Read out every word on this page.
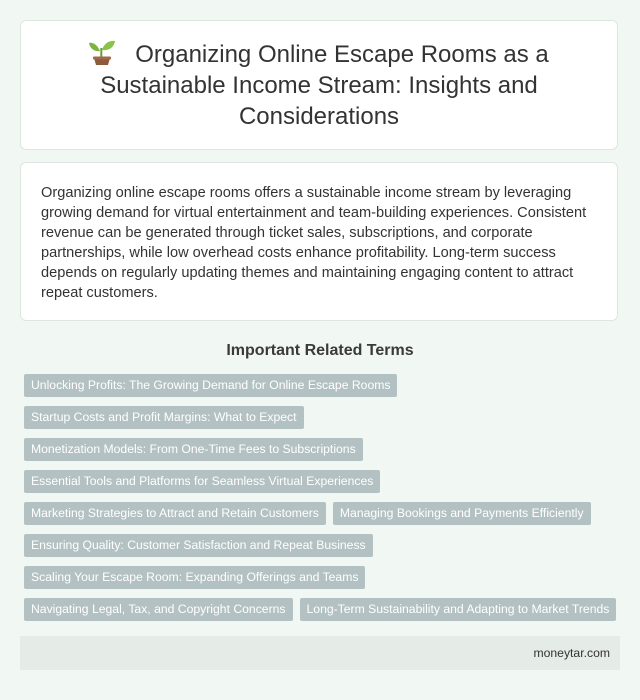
Organizing Online Escape Rooms as a Sustainable Income Stream: Insights and Considerations

Organizing online escape rooms offers a sustainable income stream by leveraging growing demand for virtual entertainment and team-building experiences. Consistent revenue can be generated through ticket sales, subscriptions, and corporate partnerships, while low overhead costs enhance profitability. Long-term success depends on regularly updating themes and maintaining engaging content to attract repeat customers.

Important Related Terms
Unlocking Profits: The Growing Demand for Online Escape Rooms
Startup Costs and Profit Margins: What to Expect
Monetization Models: From One-Time Fees to Subscriptions
Essential Tools and Platforms for Seamless Virtual Experiences
Marketing Strategies to Attract and Retain Customers	Managing Bookings and Payments Efficiently
Ensuring Quality: Customer Satisfaction and Repeat Business
Scaling Your Escape Room: Expanding Offerings and Teams
Navigating Legal, Tax, and Copyright Concerns	Long-Term Sustainability and Adapting to Market Trends
moneytar.com
